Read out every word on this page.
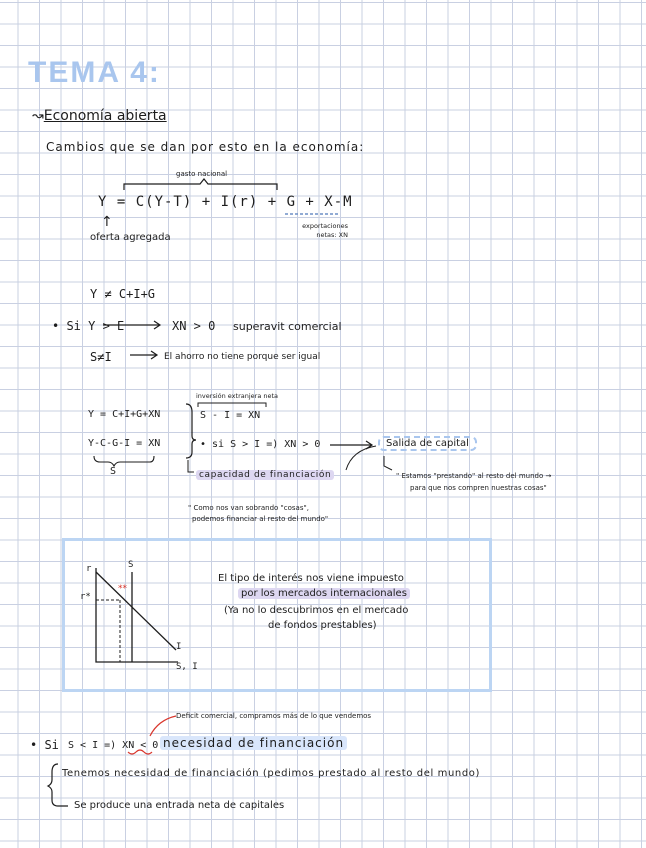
TEMA 4:
↝Economía abierta
Cambios que se dan por esto en la economía:
gasto nacional
Y = C(Y-T) + I(r) + G + X-M
↑
oferta agregada
exportaciones netas: XN
Y ≠ C+I+G
• Si Y > E	XN > 0 superavit comercial
S≠I	El ahorro no tiene porque ser igual
Y = C+I+G+XN
Y-C-G-I = XN
S
inversión extranjera neta
S - I = XN
• si S > I =) XN > 0	Salida de capital
capacidad de financiación	" Estamos "prestando" al resto del mundo →
para que nos compren nuestras cosas"
" Como nos van sobrando "cosas",
podemos financiar al resto del mundo"
r
r*
S
I
S, I
**
El tipo de interés nos viene impuesto
por los mercados internacionales
(Ya no lo descubrimos en el mercado
de fondos prestables)
Deficit comercial, compramos más de lo que vendemos
• Si S < I =) XN < 0 necesidad de financiación
Tenemos necesidad de financiación (pedimos prestado al resto del mundo)
Se produce una entrada neta de capitales
